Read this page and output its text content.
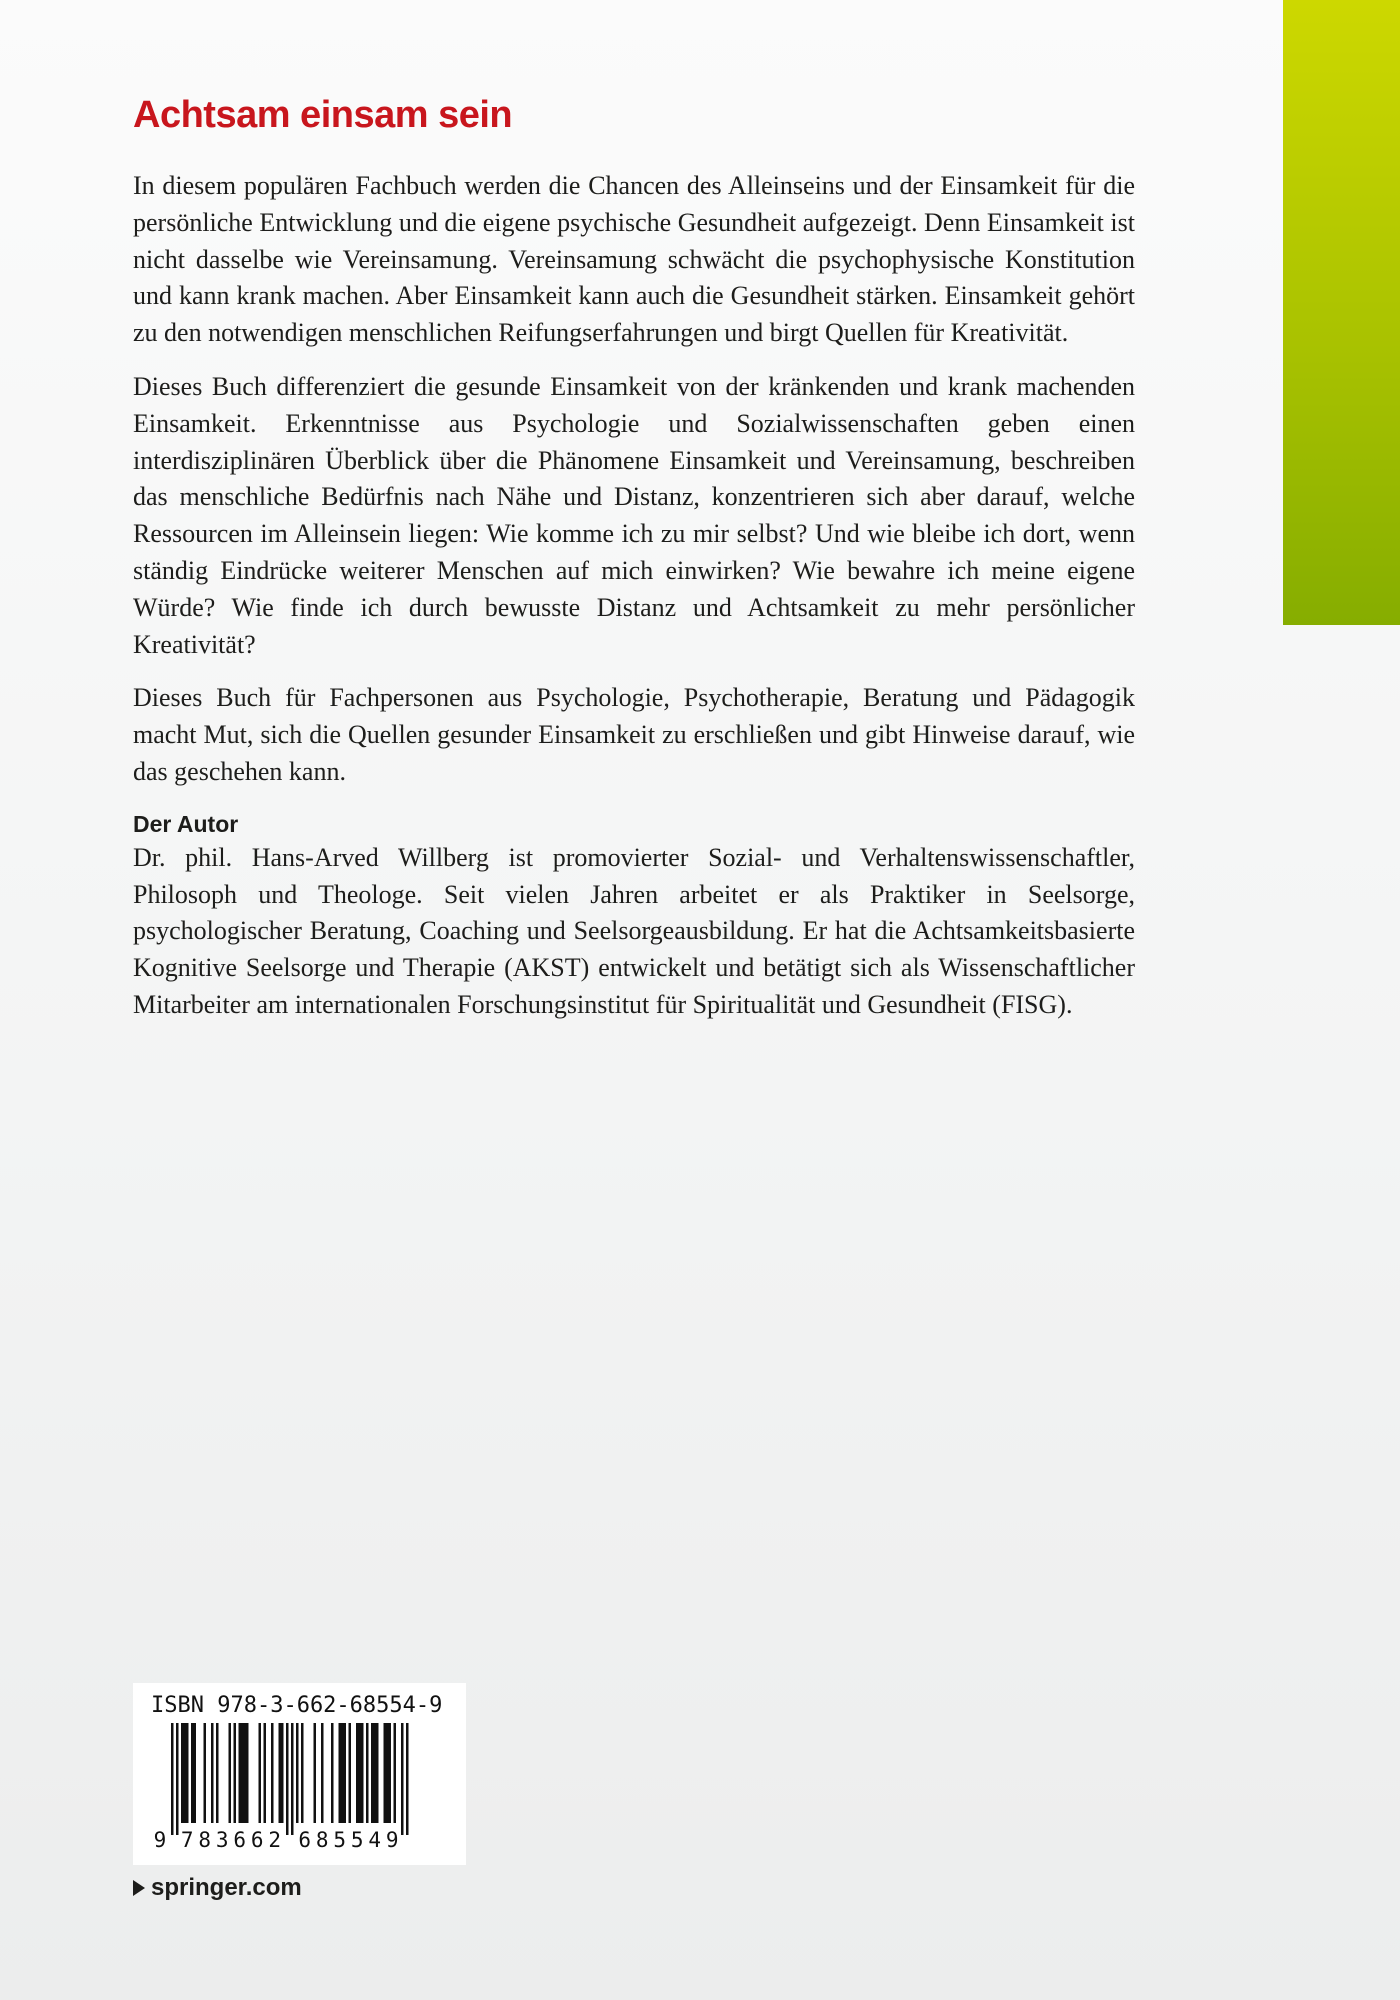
Achtsam einsam sein

In diesem populären Fachbuch werden die Chancen des Alleinseins und der Einsamkeit für die persönliche Entwicklung und die eigene psychische Gesundheit aufgezeigt. Denn Einsamkeit ist nicht dasselbe wie Vereinsamung. Vereinsamung schwächt die psychophysische Konstitution und kann krank machen. Aber Einsamkeit kann auch die Gesundheit stärken. Einsamkeit gehört zu den notwendigen menschlichen Reifungserfahrungen und birgt Quellen für Kreativität.

Dieses Buch differenziert die gesunde Einsamkeit von der kränkenden und krank machenden Einsamkeit. Erkenntnisse aus Psychologie und Sozialwissenschaften geben einen interdisziplinären Überblick über die Phänomene Einsamkeit und Vereinsamung, beschreiben das menschliche Bedürfnis nach Nähe und Distanz, konzentrieren sich aber darauf, welche Ressourcen im Alleinsein liegen: Wie komme ich zu mir selbst? Und wie bleibe ich dort, wenn ständig Eindrücke weiterer Menschen auf mich einwirken? Wie bewahre ich meine eigene Würde? Wie finde ich durch bewusste Distanz und Achtsamkeit zu mehr persönlicher Kreativität?

Dieses Buch für Fachpersonen aus Psychologie, Psychotherapie, Beratung und Pädagogik macht Mut, sich die Quellen gesunder Einsamkeit zu erschließen und gibt Hinweise darauf, wie das geschehen kann.

Der Autor

Dr. phil. Hans-Arved Willberg ist promovierter Sozial- und Verhaltenswissenschaftler, Philosoph und Theologe. Seit vielen Jahren arbeitet er als Praktiker in Seelsorge, psychologischer Beratung, Coaching und Seelsorgeausbildung. Er hat die Achtsamkeitsbasierte Kognitive Seelsorge und Therapie (AKST) entwickelt und betätigt sich als Wissenschaftlicher Mitarbeiter am internationalen Forschungsinstitut für Spiritualität und Gesundheit (FISG).

ISBN 978-3-662-68554-9
9 7 8 3 6 6 2 6 8 5 5 4 9
springer.com
